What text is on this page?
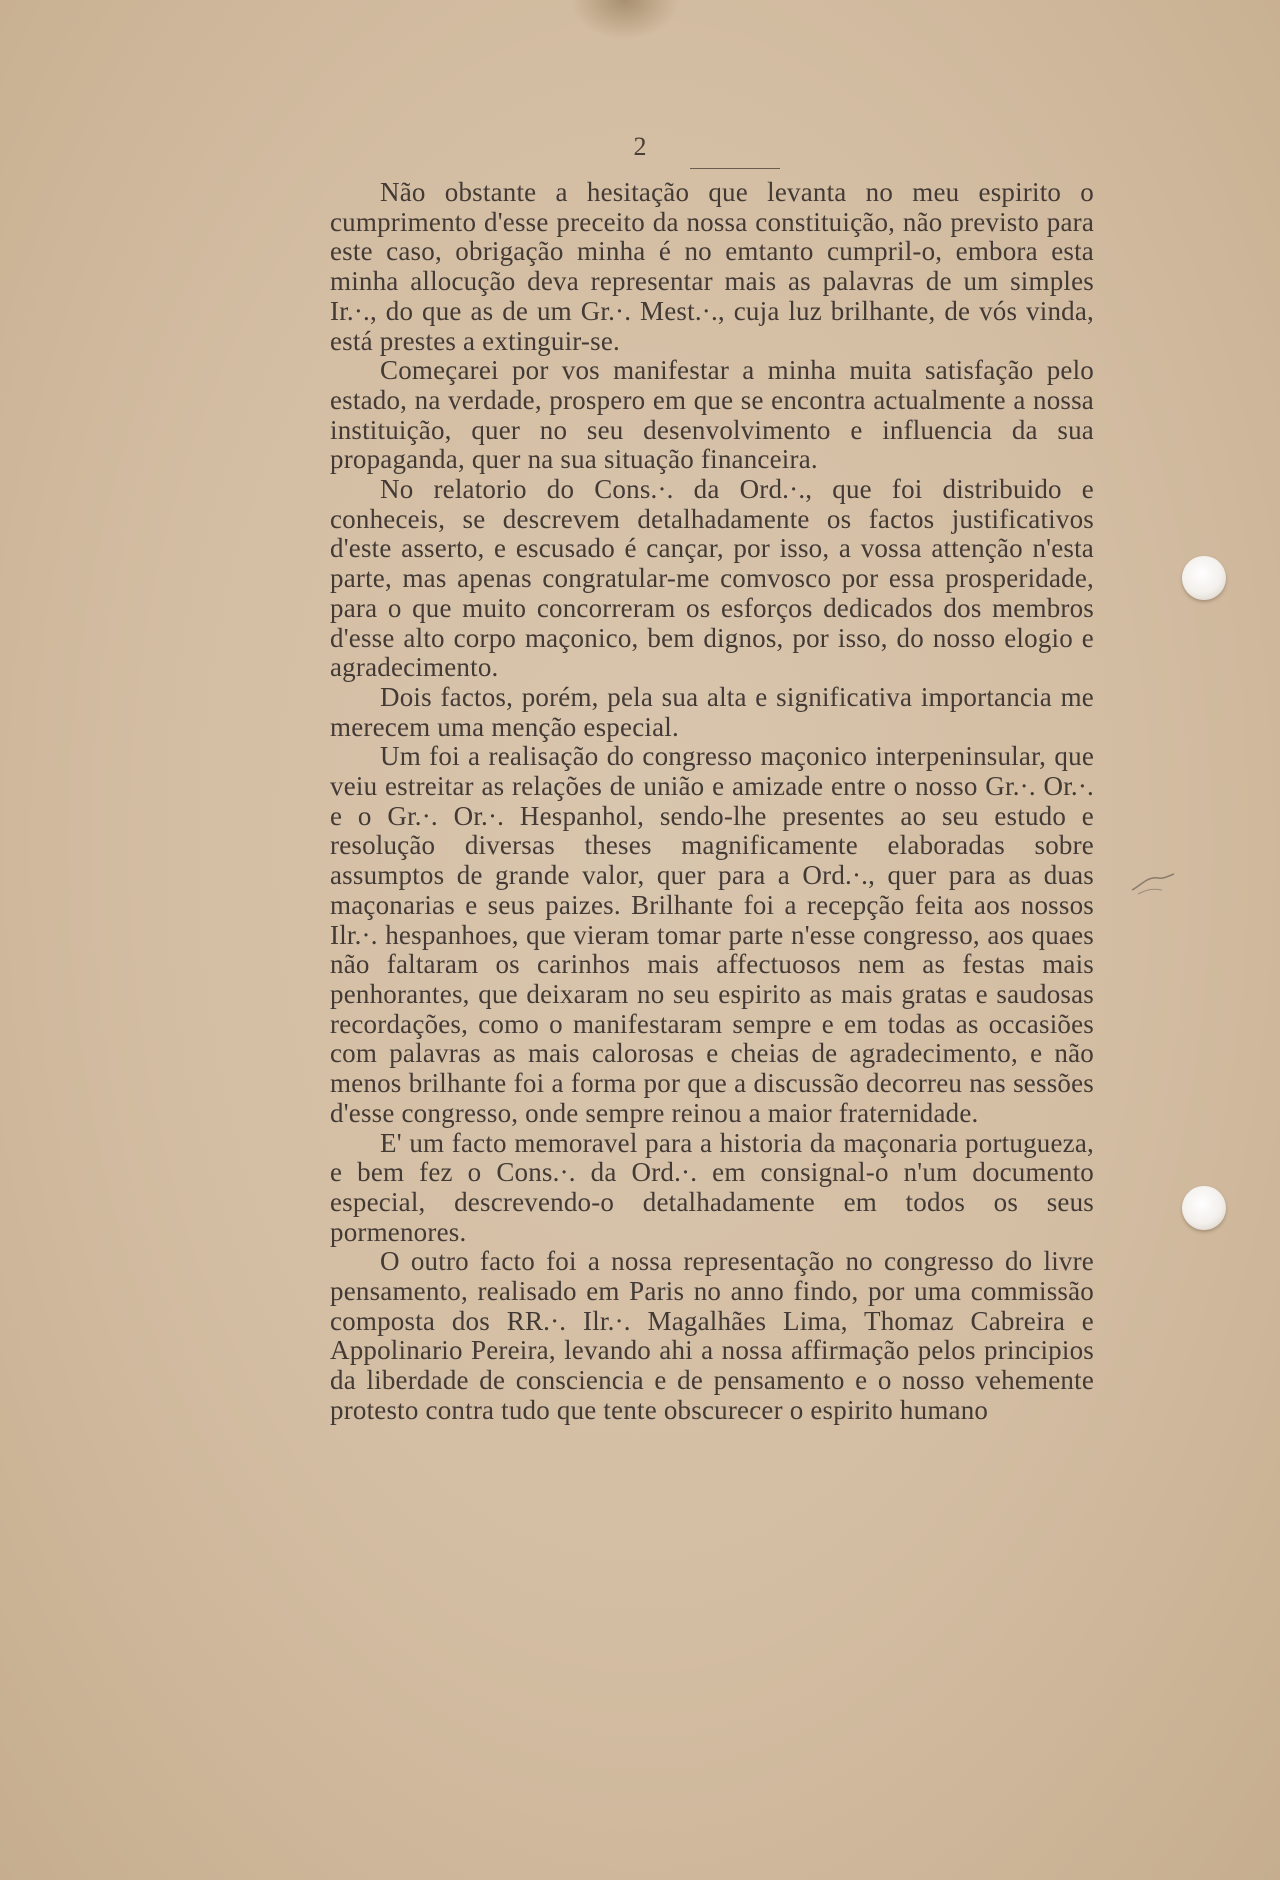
2

Não obstante a hesitação que levanta no meu espirito o cumprimento d'esse preceito da nossa constituição, não previsto para este caso, obrigação minha é no emtanto cumpril-o, embora esta minha allocução deva representar mais as palavras de um simples Ir.·., do que as de um Gr.·. Mest.·., cuja luz brilhante, de vós vinda, está prestes a extinguir-se.

Começarei por vos manifestar a minha muita satisfação pelo estado, na verdade, prospero em que se encontra actualmente a nossa instituição, quer no seu desenvolvimento e influencia da sua propaganda, quer na sua situação financeira.

No relatorio do Cons.·. da Ord.·., que foi distribuido e conheceis, se descrevem detalhadamente os factos justificativos d'este asserto, e escusado é cançar, por isso, a vossa attenção n'esta parte, mas apenas congratular-me comvosco por essa prosperidade, para o que muito concorreram os esforços dedicados dos membros d'esse alto corpo maçonico, bem dignos, por isso, do nosso elogio e agradecimento.

Dois factos, porém, pela sua alta e significativa importancia me merecem uma menção especial.

Um foi a realisação do congresso maçonico interpeninsular, que veiu estreitar as relações de união e amizade entre o nosso Gr.·. Or.·. e o Gr.·. Or.·. Hespanhol, sendo-lhe presentes ao seu estudo e resolução diversas theses magnificamente elaboradas sobre assumptos de grande valor, quer para a Ord.·., quer para as duas maçonarias e seus paizes. Brilhante foi a recepção feita aos nossos Ilr.·. hespanhoes, que vieram tomar parte n'esse congresso, aos quaes não faltaram os carinhos mais affectuosos nem as festas mais penhorantes, que deixaram no seu espirito as mais gratas e saudosas recordações, como o manifestaram sempre e em todas as occasiões com palavras as mais calorosas e cheias de agradecimento, e não menos brilhante foi a forma por que a discussão decorreu nas sessões d'esse congresso, onde sempre reinou a maior fraternidade.

E' um facto memoravel para a historia da maçonaria portugueza, e bem fez o Cons.·. da Ord.·. em consignal-o n'um documento especial, descrevendo-o detalhadamente em todos os seus pormenores.

O outro facto foi a nossa representação no congresso do livre pensamento, realisado em Paris no anno findo, por uma commissão composta dos RR.·. Ilr.·. Magalhães Lima, Thomaz Cabreira e Appolinario Pereira, levando ahi a nossa affirmação pelos principios da liberdade de consciencia e de pensamento e o nosso vehemente protesto contra tudo que tente obscurecer o espirito humano
